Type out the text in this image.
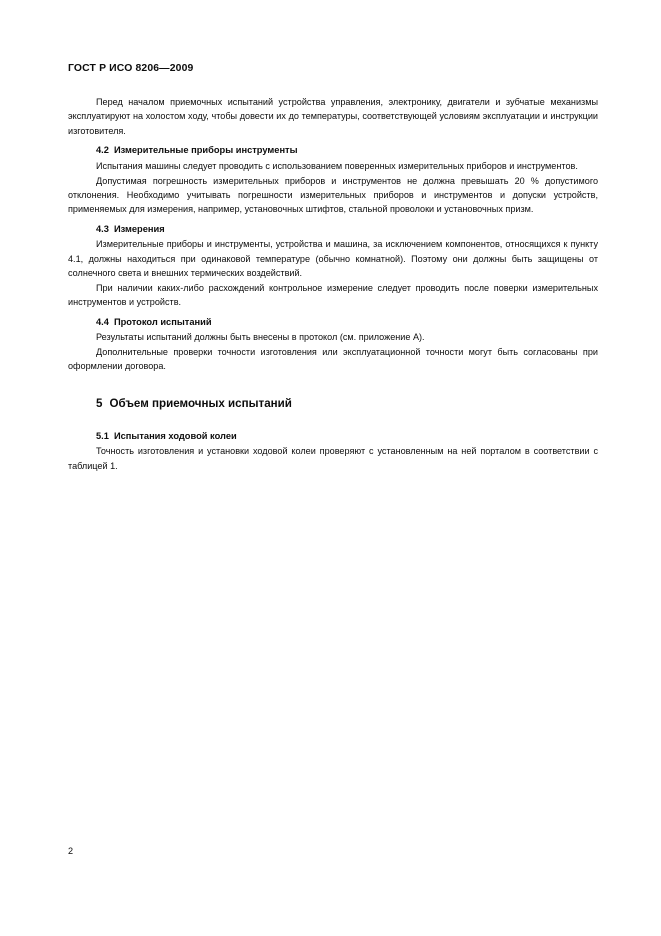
ГОСТ Р ИСО 8206—2009

Перед началом приемочных испытаний устройства управления, электронику, двигатели и зубчатые механизмы эксплуатируют на холостом ходу, чтобы довести их до температуры, соответствующей условиям эксплуатации и инструкции изготовителя.

4.2 Измерительные приборы инструменты

Испытания машины следует проводить с использованием поверенных измерительных приборов и инструментов.

Допустимая погрешность измерительных приборов и инструментов не должна превышать 20 % допустимого отклонения. Необходимо учитывать погрешности измерительных приборов и инструментов и допуски устройств, применяемых для измерения, например, установочных штифтов, стальной проволоки и установочных призм.

4.3 Измерения

Измерительные приборы и инструменты, устройства и машина, за исключением компонентов, относящихся к пункту 4.1, должны находиться при одинаковой температуре (обычно комнатной). Поэтому они должны быть защищены от солнечного света и внешних термических воздействий.

При наличии каких-либо расхождений контрольное измерение следует проводить после поверки измерительных инструментов и устройств.

4.4 Протокол испытаний

Результаты испытаний должны быть внесены в протокол (см. приложение А).

Дополнительные проверки точности изготовления или эксплуатационной точности могут быть согласованы при оформлении договора.

5 Объем приемочных испытаний
5.1 Испытания ходовой колеи

Точность изготовления и установки ходовой колеи проверяют с установленным на ней порталом в соответствии с таблицей 1.

2
